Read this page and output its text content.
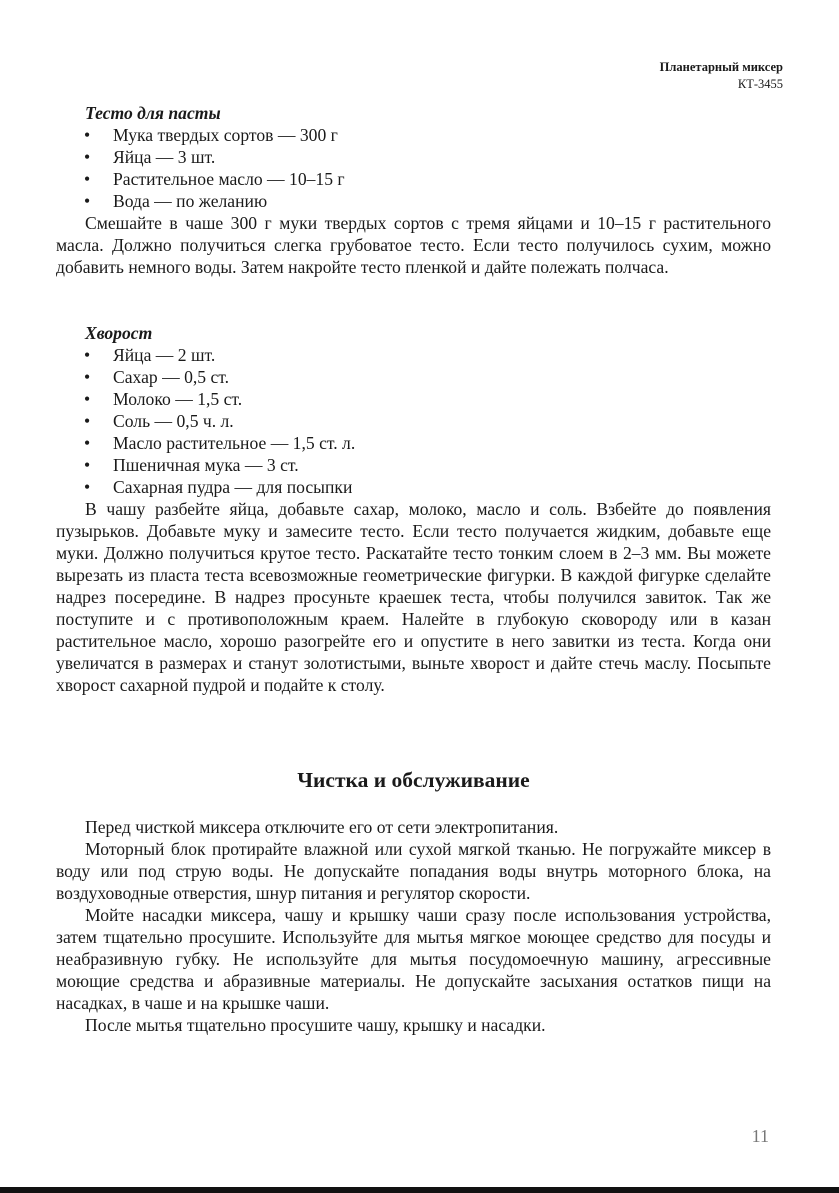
Планетарный миксер
КТ-3455
Тесто для пасты
• Мука твердых сортов — 300 г
• Яйца — 3 шт.
• Растительное масло — 10–15 г
• Вода — по желанию

Смешайте в чаше 300 г муки твердых сортов с тремя яйцами и 10–15 г растительного масла. Должно получиться слегка грубоватое тесто. Если тесто получилось сухим, можно добавить немного воды. Затем накройте тесто пленкой и дайте полежать полчаса.

Хворост
• Яйца — 2 шт.
• Сахар — 0,5 ст.
• Молоко — 1,5 ст.
• Соль — 0,5 ч. л.
• Масло растительное — 1,5 ст. л.
• Пшеничная мука — 3 ст.
• Сахарная пудра — для посыпки

В чашу разбейте яйца, добавьте сахар, молоко, масло и соль. Взбейте до появления пузырьков. Добавьте муку и замесите тесто. Если тесто получается жидким, добавьте еще муки. Должно получиться крутое тесто. Раскатайте тесто тонким слоем в 2–3 мм. Вы можете вырезать из пласта теста всевозможные геометрические фигурки. В каждой фигурке сделайте надрез посередине. В надрез просуньте краешек теста, чтобы получился завиток. Так же поступите и с противоположным краем. Налейте в глубокую сковороду или в казан растительное масло, хорошо разогрейте его и опустите в него завитки из теста. Когда они увеличатся в размерах и станут золотистыми, выньте хворост и дайте стечь маслу. Посыпьте хворост сахарной пудрой и подайте к столу.

Чистка и обслуживание

Перед чисткой миксера отключите его от сети электропитания.

Моторный блок протирайте влажной или сухой мягкой тканью. Не погружайте миксер в воду или под струю воды. Не допускайте попадания воды внутрь моторного блока, на воздуховодные отверстия, шнур питания и регулятор скорости.

Мойте насадки миксера, чашу и крышку чаши сразу после использования устройства, затем тщательно просушите. Используйте для мытья мягкое моющее средство для посуды и неабразивную губку. Не используйте для мытья посудомоечную машину, агрессивные моющие средства и абразивные материалы. Не допускайте засыхания остатков пищи на насадках, в чаше и на крышке чаши.

После мытья тщательно просушите чашу, крышку и насадки.

11
